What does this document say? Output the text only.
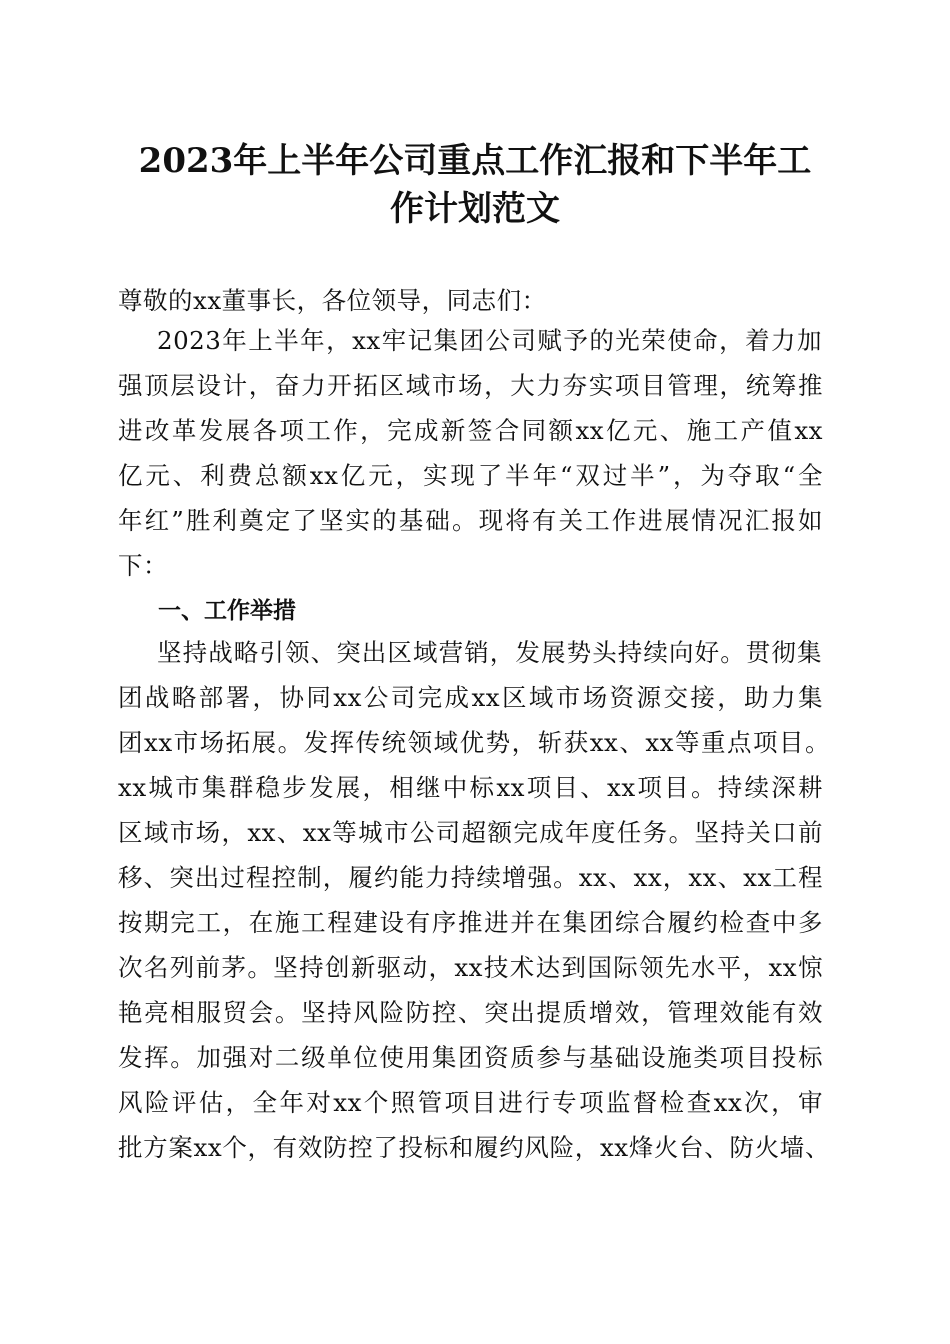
2023年上半年公司重点工作汇报和下半年工
作计划范文
尊敬的xx董事长，各位领导，同志们：
2023年上半年，xx牢记集团公司赋予的光荣使命，着力加
强顶层设计，奋力开拓区域市场，大力夯实项目管理，统筹推
进改革发展各项工作，完成新签合同额xx亿元、施工产值xx
亿元、利费总额xx亿元，实现了半年“双过半”，为夺取“全
年红”胜利奠定了坚实的基础。现将有关工作进展情况汇报如
下：
一、工作举措
坚持战略引领、突出区域营销，发展势头持续向好。贯彻集
团战略部署，协同xx公司完成xx区域市场资源交接，助力集
团xx市场拓展。发挥传统领域优势，斩获xx、xx等重点项目。
xx城市集群稳步发展，相继中标xx项目、xx项目。持续深耕
区域市场，xx、xx等城市公司超额完成年度任务。坚持关口前
移、突出过程控制，履约能力持续增强。xx、xx，xx、xx工程
按期完工，在施工程建设有序推进并在集团综合履约检查中多
次名列前茅。坚持创新驱动，xx技术达到国际领先水平，xx惊
艳亮相服贸会。坚持风险防控、突出提质增效，管理效能有效
发挥。加强对二级单位使用集团资质参与基础设施类项目投标
风险评估，全年对xx个照管项目进行专项监督检查xx次，审
批方案xx个，有效防控了投标和履约风险，xx烽火台、防火墙、
